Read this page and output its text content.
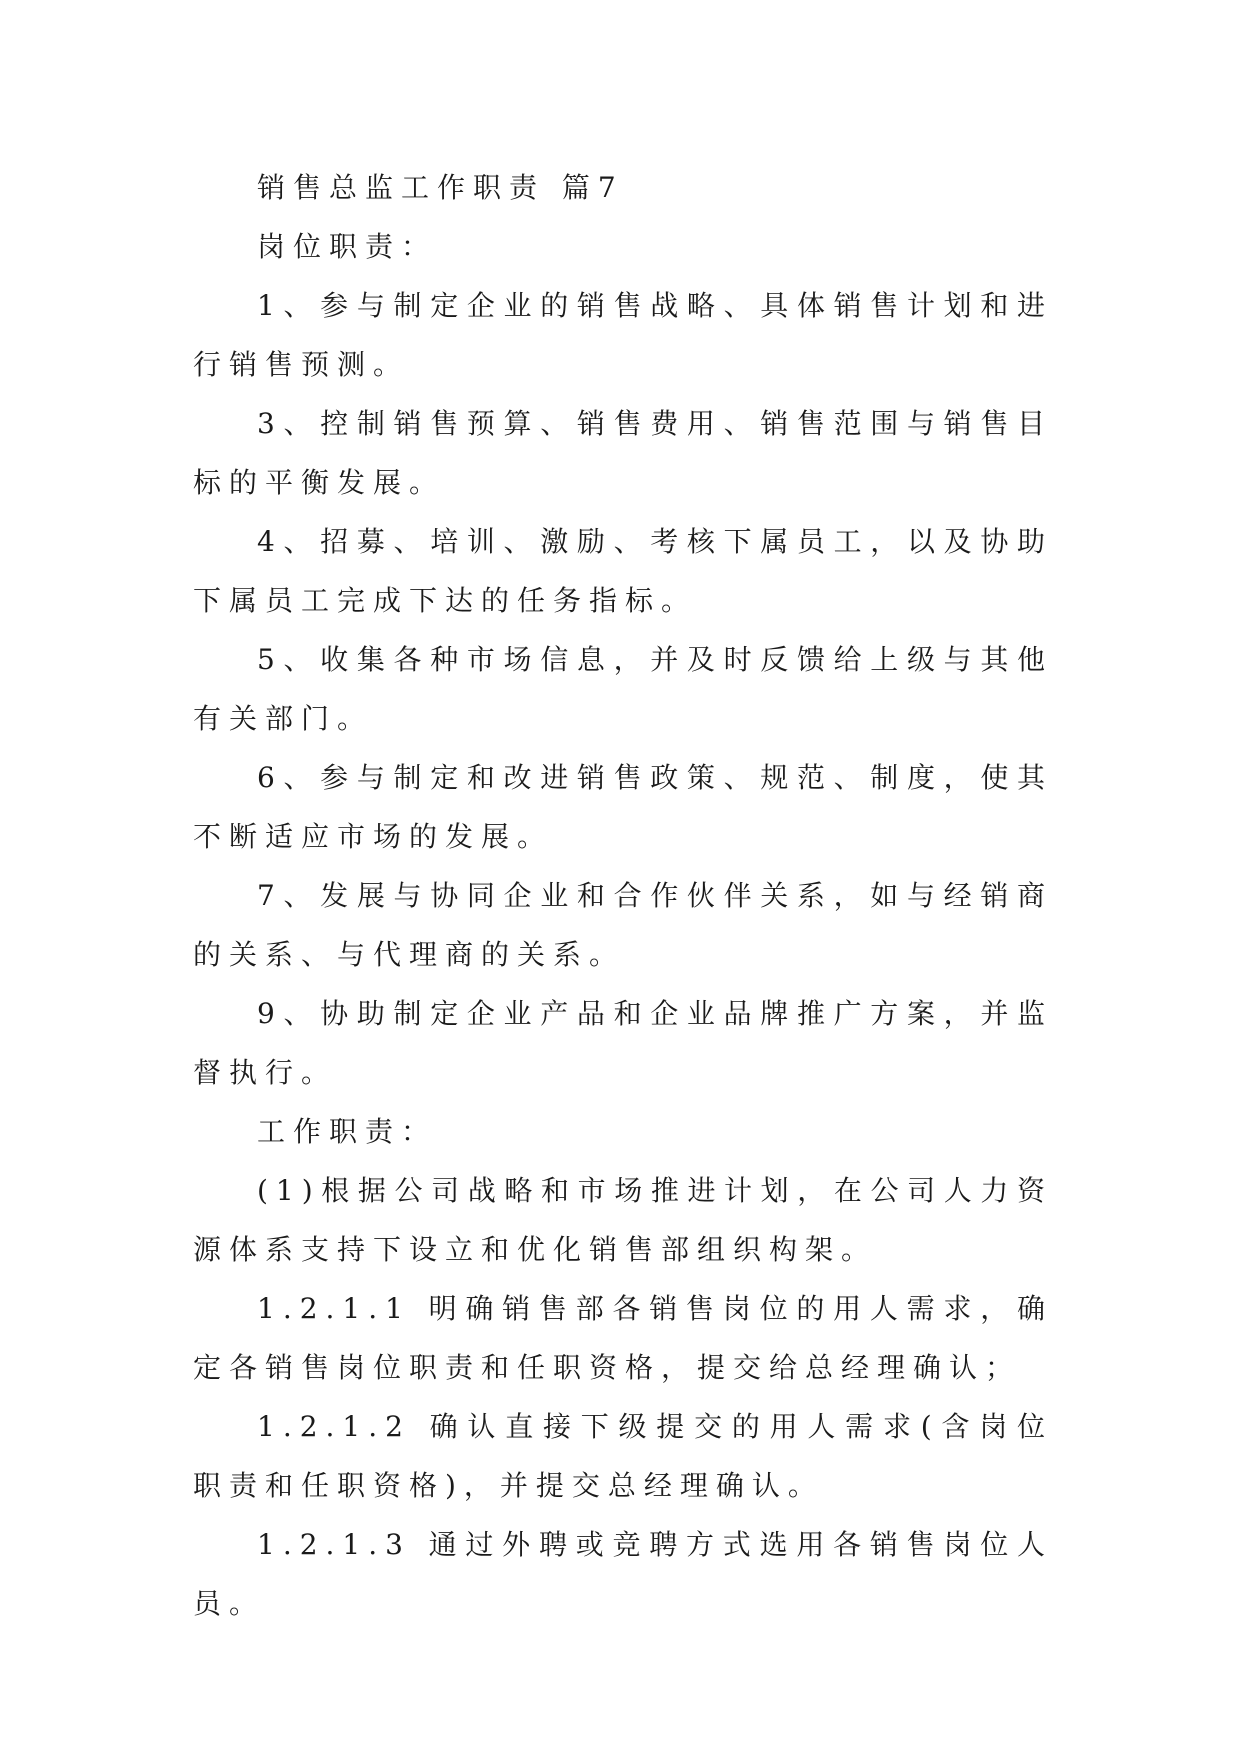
销售总监工作职责 篇7

岗位职责：

1、参与制定企业的销售战略、具体销售计划和进行销售预测。

3、控制销售预算、销售费用、销售范围与销售目标的平衡发展。

4、招募、培训、激励、考核下属员工，以及协助下属员工完成下达的任务指标。

5、收集各种市场信息，并及时反馈给上级与其他有关部门。

6、参与制定和改进销售政策、规范、制度，使其不断适应市场的发展。

7、发展与协同企业和合作伙伴关系，如与经销商的关系、与代理商的关系。

9、协助制定企业产品和企业品牌推广方案，并监督执行。

工作职责：

(1)根据公司战略和市场推进计划，在公司人力资源体系支持下设立和优化销售部组织构架。

1.2.1.1 明确销售部各销售岗位的用人需求，确定各销售岗位职责和任职资格，提交给总经理确认；

1.2.1.2 确认直接下级提交的用人需求(含岗位职责和任职资格)，并提交总经理确认。

1.2.1.3 通过外聘或竞聘方式选用各销售岗位人员。
